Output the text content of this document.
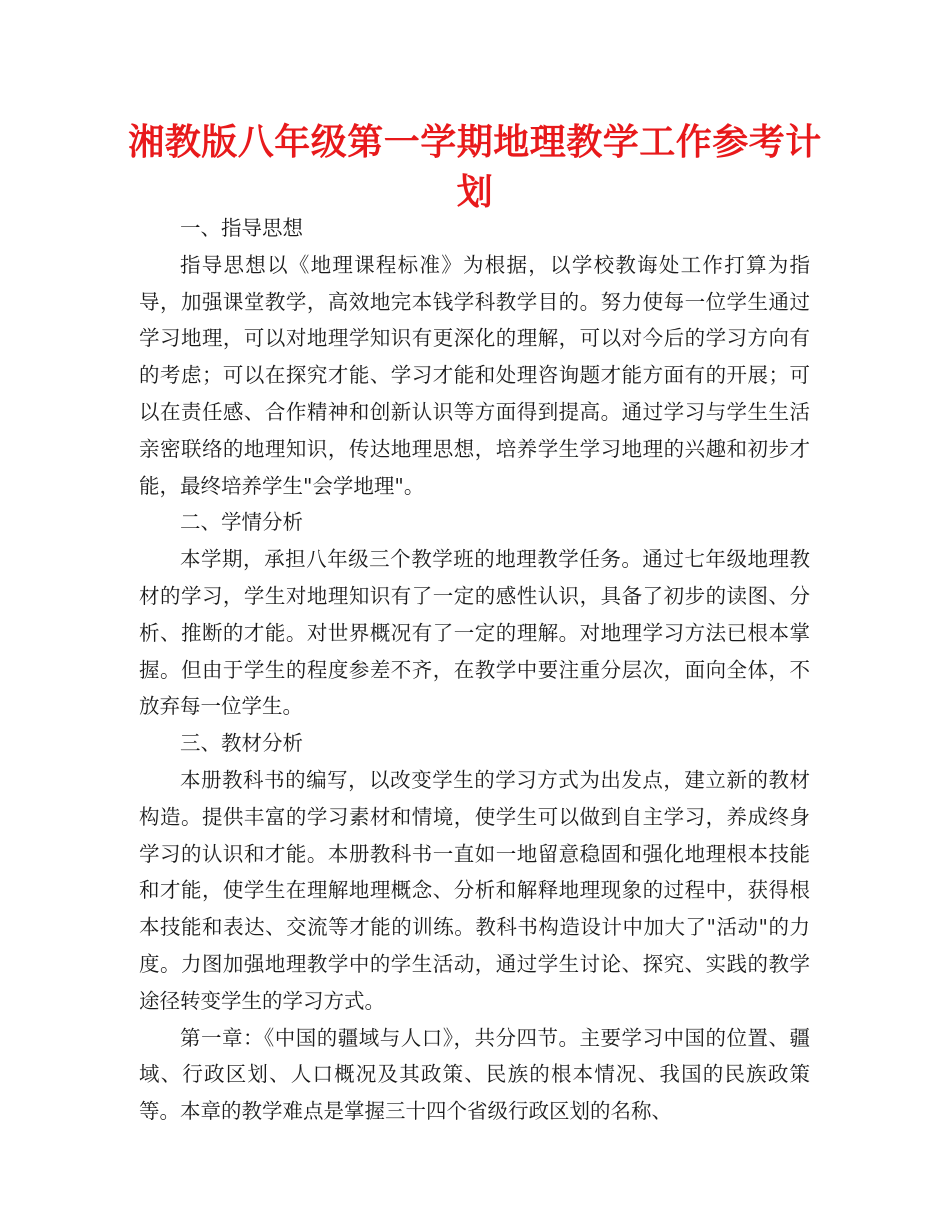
湘教版八年级第一学期地理教学工作参考计划

一、指导思想

指导思想以《地理课程标准》为根据，以学校教诲处工作打算为指导，加强课堂教学，高效地完本钱学科教学目的。努力使每一位学生通过学习地理，可以对地理学知识有更深化的理解，可以对今后的学习方向有的考虑；可以在探究才能、学习才能和处理咨询题才能方面有的开展；可以在责任感、合作精神和创新认识等方面得到提高。通过学习与学生生活亲密联络的地理知识，传达地理思想，培养学生学习地理的兴趣和初步才能，最终培养学生"会学地理"。

二、学情分析

本学期，承担八年级三个教学班的地理教学任务。通过七年级地理教材的学习，学生对地理知识有了一定的感性认识，具备了初步的读图、分析、推断的才能。对世界概况有了一定的理解。对地理学习方法已根本掌握。但由于学生的程度参差不齐，在教学中要注重分层次，面向全体，不放弃每一位学生。

三、教材分析

本册教科书的编写，以改变学生的学习方式为出发点，建立新的教材构造。提供丰富的学习素材和情境，使学生可以做到自主学习，养成终身学习的认识和才能。本册教科书一直如一地留意稳固和强化地理根本技能和才能，使学生在理解地理概念、分析和解释地理现象的过程中，获得根本技能和表达、交流等才能的训练。教科书构造设计中加大了"活动"的力度。力图加强地理教学中的学生活动，通过学生讨论、探究、实践的教学途径转变学生的学习方式。

第一章：《中国的疆域与人口》，共分四节。主要学习中国的位置、疆域、行政区划、人口概况及其政策、民族的根本情况、我国的民族政策等。本章的教学难点是掌握三十四个省级行政区划的名称、
